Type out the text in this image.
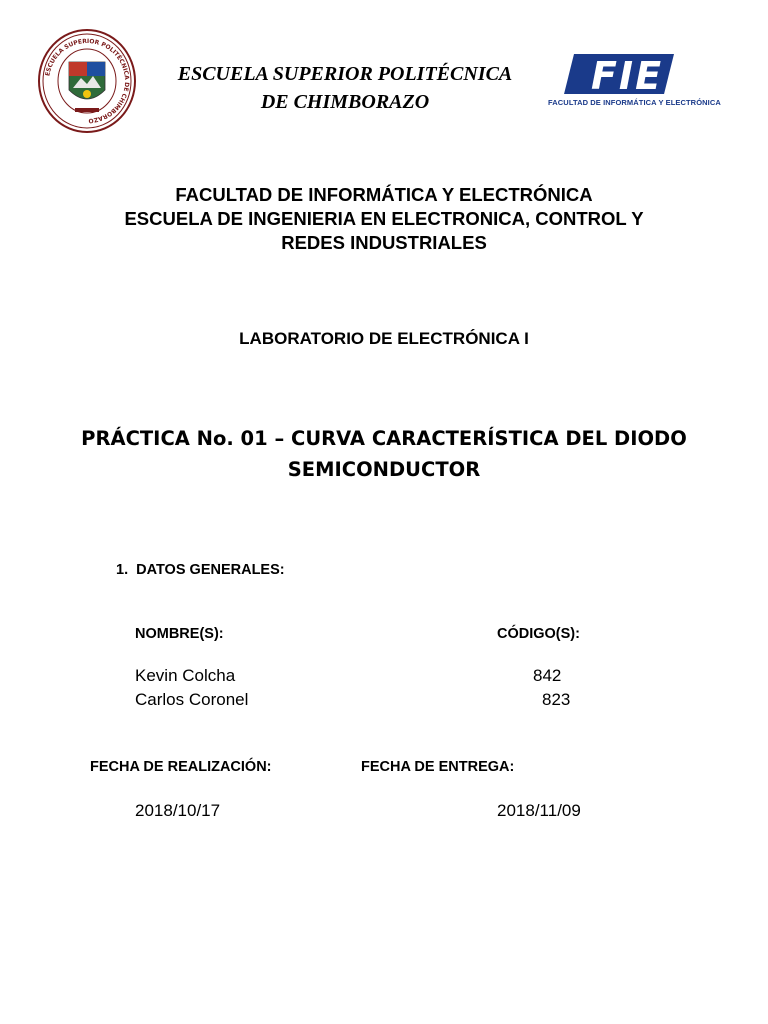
ESCUELA SUPERIOR POLITÉCNICA DE CHIMBORAZO
ESCUELA SUPERIOR POLITÉCNICA
DE CHIMBORAZO
FIE
FACULTAD DE INFORMÁTICA Y ELECTRÓNICA
FACULTAD DE INFORMÁTICA Y ELECTRÓNICA
ESCUELA DE INGENIERIA EN ELECTRONICA, CONTROL Y
REDES INDUSTRIALES
LABORATORIO DE ELECTRÓNICA I
PRÁCTICA No. 01 – CURVA CARACTERÍSTICA DEL DIODO
SEMICONDUCTOR
1. DATOS GENERALES:
NOMBRE(S):	CÓDIGO(S):
Kevin Colcha	842
Carlos Coronel	823
FECHA DE REALIZACIÓN:	FECHA DE ENTREGA:
2018/10/17	2018/11/09
